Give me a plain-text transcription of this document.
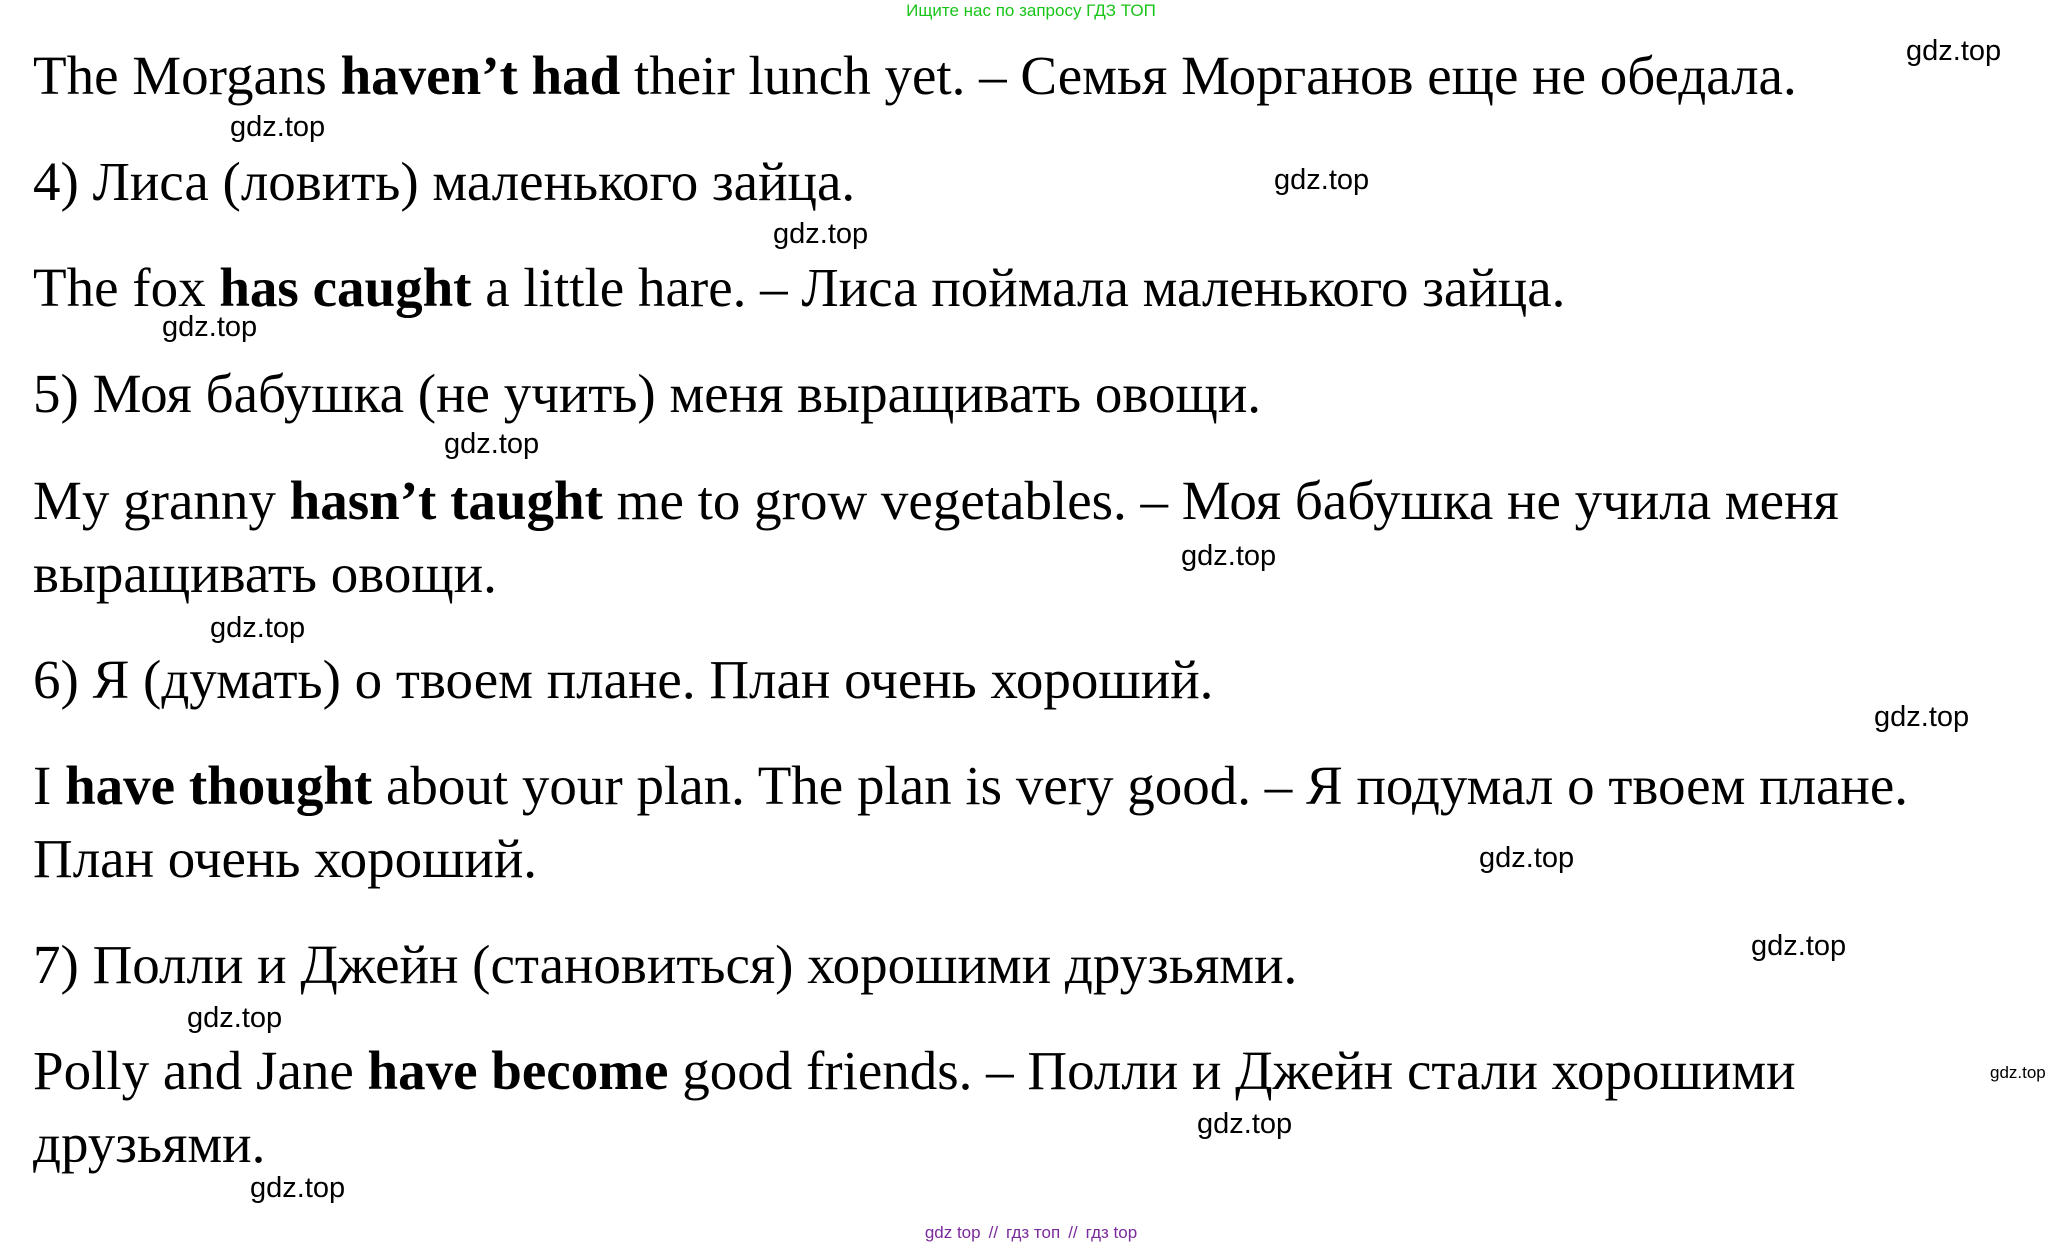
Ищите нас по запросу ГДЗ ТОП
The Morgans haven’t had their lunch yet. – Семья Морганов еще не обедала.
4) Лиса (ловить) маленького зайца.
The fox has caught a little hare. – Лиса поймала маленького зайца.
5) Моя бабушка (не учить) меня выращивать овощи.
My granny hasn’t taught me to grow vegetables. – Моя бабушка не учила меня
выращивать овощи.
6) Я (думать) о твоем плане. План очень хороший.
I have thought about your plan. The plan is very good. – Я подумал о твоем плане.
План очень хороший.
7) Полли и Джейн (становиться) хорошими друзьями.
Polly and Jane have become good friends. – Полли и Джейн стали хорошими
друзьями.
gdz.top
gdz.top
gdz.top
gdz.top
gdz.top
gdz.top
gdz.top
gdz.top
gdz.top
gdz.top
gdz.top
gdz.top
gdz.top
gdz.top
gdz.top
gdz top // гдз топ // гдз top
